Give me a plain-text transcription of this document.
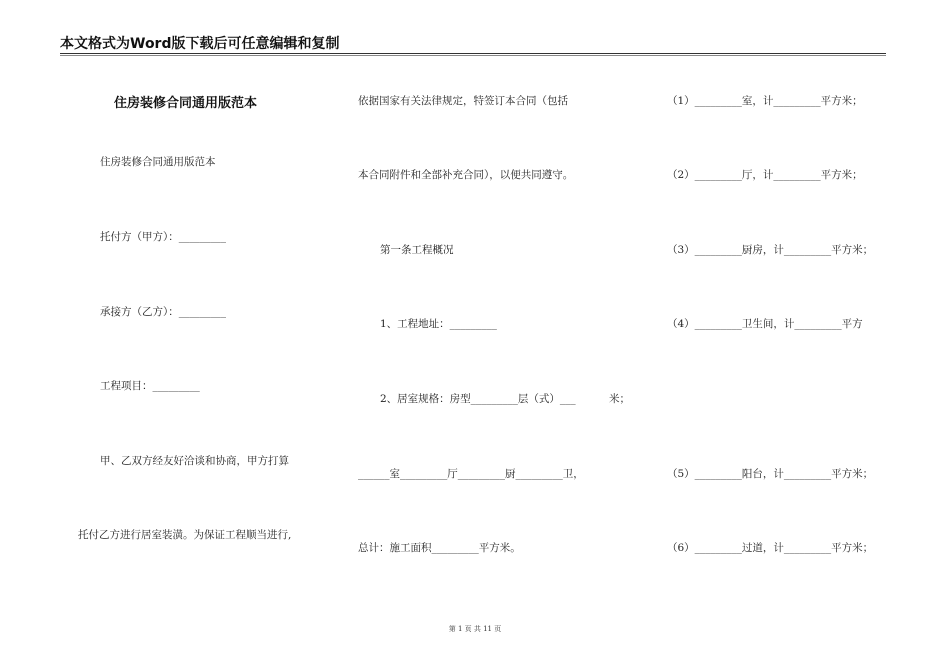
本文格式为Word版下载后可任意编辑和复制
住房装修合同通用版范本
住房装修合同通用版范本
托付方（甲方）：_________
承接方（乙方）：_________
工程项目：_________
甲、乙双方经友好洽谈和协商，甲方打算
托付乙方进行居室装潢。为保证工程顺当进行,
依据国家有关法律规定，特签订本合同（包括
本合同附件和全部补充合同），以便共同遵守。
第一条工程概况
1、工程地址：_________
2、居室规格：房型_________层（式）___          米；
______室_________厅_________厨_________卫，
总计：施工面积_________平方米。
（1）_________室，计_________平方米；
（2）_________厅，计_________平方米；
（3）_________厨房，计_________平方米；
（4）_________卫生间，计_________平方
（5）_________阳台，计_________平方米；
（6）_________过道，计_________平方米；
第 1 页 共 11 页
